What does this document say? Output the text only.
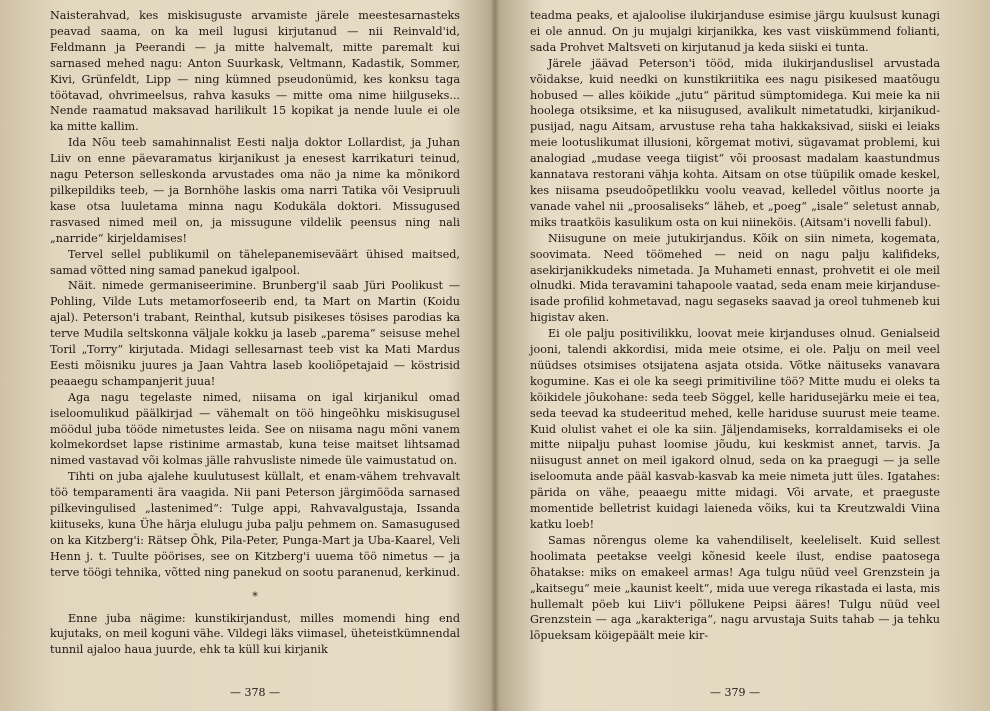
Naisterahvad, kes miskisuguste arvamiste järele meestesarnasteks peavad saama, on ka meil lugusi kirjutanud — nii Reinvald'id, Feldmann ja Peerandi — ja mitte halvemalt, mitte paremalt kui sarnased mehed nagu: Anton Suurkask, Veltmann, Kadastik, Sommer, Kivi, Grünfeldt, Lipp — ning kümned pseudonümid, kes konksu taga töötavad, ohvrimeelsus, rahva kasuks — mitte oma nime hiilguseks... Nende raamatud maksavad harilikult 15 kopikat ja nende luule ei ole ka mitte kallim.

Ida Nõu teeb samahinnalist Eesti nalja doktor Lollardist, ja Juhan Liiv on enne päevaramatus kirjanikust ja enesest karrikaturi teinud, nagu Peterson selleskonda arvustades oma näo ja nime ka mõnikord pilkepildiks teeb, — ja Bornhöhe laskis oma narri Tatika või Vesipruuli kase otsa luuletama minna nagu Kodukäla doktori. Missugused rasvased nimed meil on, ja missugune vildelik peensus ning nali „narride“ kirjeldamises!

Tervel sellel publikumil on tähelepanemiseväärt ühised maitsed, samad võtted ning samad panekud igalpool.

Näit. nimede germaniseerimine. Brunberg'il saab Jüri Poolikust — Pohling, Vilde Luts metamorfoseerib end, ta Mart on Martin (Koidu ajal). Peterson'i trabant, Reinthal, kutsub pisikeses tösises parodias ka terve Mudila seltskonna väljale kokku ja laseb „parema“ seisuse mehel Toril „Torry“ kirjutada. Midagi sellesarnast teeb vist ka Mati Mardus Eesti mõisniku juures ja Jaan Vahtra laseb kooliõpetajaid — köstrisid peaaegu schampanjerit juua!

Aga nagu tegelaste nimed, niisama on igal kirjanikul omad iseloomulikud päälkirjad — vähemalt on töö hingeõhku miskisugusel möödul juba tööde nimetustes leida. See on niisama nagu mõni vanem kolmekordset lapse ristinime armastab, kuna teise maitset lihtsamad nimed vastavad või kolmas jälle rahvusliste nimede üle vaimustatud on.

Tihti on juba ajalehe kuulutusest küllalt, et enam-vähem trehvavalt töö temparamenti ära vaagida. Nii pani Peterson järgimööda sarnased pilkevingulised „lastenimed“: Tulge appi, Rahvavalgustaja, Issanda kiituseks, kuna Ühe härja elulugu juba palju pehmem on. Samasugused on ka Kitzberg'i: Rätsep Õhk, Pila-Peter, Punga-Mart ja Uba-Kaarel, Veli Henn j. t. Tuulte pöörises, see on Kitzberg'i uuema töö nimetus — ja terve töögi tehnika, võtted ning panekud on sootu paranenud, kerkinud.

*

Enne juba nägime: kunstikirjandust, milles momendi hing end kujutaks, on meil koguni vähe. Vildegi läks viimasel, üheteistkümnendal tunnil ajaloo haua juurde, ehk ta küll kui kirjanik

— 378 —

teadma peaks, et ajaloolise ilukirjanduse esimise järgu kuulsust kunagi ei ole annud. On ju mujalgi kirjanikka, kes vast viiskümmend folianti, sada Prohvet Maltsveti on kirjutanud ja keda siiski ei tunta.

Järele jäävad Peterson'i tööd, mida ilukirjanduslisel arvustada võidakse, kuid needki on kunstikriitika ees nagu pisikesed maatõugu hobused — alles köikide „jutu“ päritud sümptomidega. Kui meie ka nii hoolega otsiksime, et ka niisugused, avalikult nimetatudki, kirjanikud-pusijad, nagu Aitsam, arvustuse reha taha hakkaksivad, siiski ei leiaks meie lootuslikumat illusioni, kõrgemat motivi, sügavamat problemi, kui analogiad „mudase veega tiigist“ või proosast madalam kaastundmus kannatava restorani vähja kohta. Aitsam on otse tüüpilik omade keskel, kes niisama pseudoõpetlikku voolu veavad, kelledel võitlus noorte ja vanade vahel nii „proosaliseks“ läheb, et „poeg“ „isale“ seletust annab, miks traatköis kasulikum osta on kui niineköis. (Aitsam'i novelli fabul).

Niisugune on meie jutukirjandus. Kõik on siin nimeta, kogemata, soovimata. Need töömehed — neid on nagu palju kalifideks, asekirjanikkudeks nimetada. Ja Muhameti ennast, prohvetit ei ole meil olnudki. Mida teravamini tahapoole vaatad, seda enam meie kirjanduse-isade profilid kohmetavad, nagu segaseks saavad ja oreol tuhmeneb kui higistav aken.

Ei ole palju positivilikku, loovat meie kirjanduses olnud. Genialseid jooni, talendi akkordisi, mida meie otsime, ei ole. Palju on meil veel nüüdses otsimises otsijatena asjata otsida. Võtke näituseks vanavara kogumine. Kas ei ole ka seegi primitiviline töö? Mitte mudu ei oleks ta köikidele jõukohane: seda teeb Söggel, kelle haridusejärku meie ei tea, seda teevad ka studeeritud mehed, kelle hariduse suurust meie teame. Kuid olulist vahet ei ole ka siin. Jäljendamiseks, korraldamiseks ei ole mitte niipalju puhast loomise jõudu, kui keskmist annet, tarvis. Ja niisugust annet on meil igakord olnud, seda on ka praegugi — ja selle iseloomuta ande pääl kasvab-kasvab ka meie nimeta jutt üles. Igatahes: pärida on vähe, peaaegu mitte midagi. Või arvate, et praeguste momentide belletrist kuidagi laieneda võiks, kui ta Kreutzwaldi Viina katku loeb!

Samas nõrengus oleme ka vahendiliselt, keeleliselt. Kuid sellest hoolimata peetakse veelgi kõnesid keele ilust, endise paatosega õhatakse: miks on emakeel armas! Aga tulgu nüüd veel Grenzstein ja „kaitsegu“ meie „kaunist keelt“, mida uue verega rikastada ei lasta, mis hullemalt pöeb kui Liiv'i põllukene Peipsi ääres! Tulgu nüüd veel Grenzstein — aga „karakteriga“, nagu arvustaja Suits tahab — ja tehku lõpueksam köigepäält meie kir-

— 379 —
